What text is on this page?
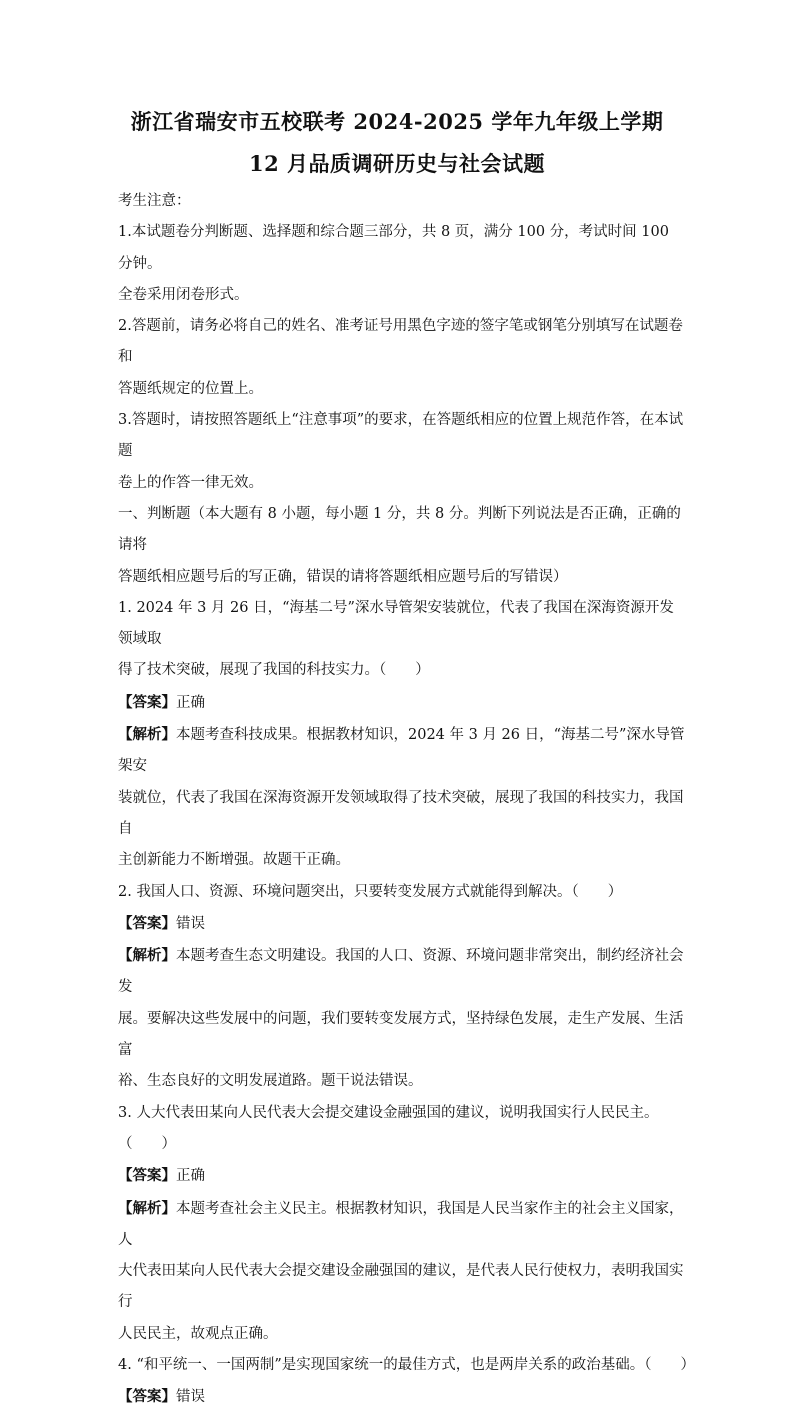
浙江省瑞安市五校联考 2024-2025 学年九年级上学期
12 月品质调研历史与社会试题

考生注意：

1.本试题卷分判断题、选择题和综合题三部分，共 8 页，满分 100 分，考试时间 100 分钟。

全卷采用闭卷形式。

2.答题前，请务必将自己的姓名、准考证号用黑色字迹的签字笔或钢笔分别填写在试题卷和

答题纸规定的位置上。

3.答题时，请按照答题纸上“注意事项”的要求，在答题纸相应的位置上规范作答，在本试题

卷上的作答一律无效。

一、判断题（本大题有 8 小题，每小题 1 分，共 8 分。判断下列说法是否正确，正确的请将

答题纸相应题号后的写正确，错误的请将答题纸相应题号后的写错误）

1. 2024 年 3 月 26 日，“海基二号”深水导管架安装就位，代表了我国在深海资源开发领域取

得了技术突破，展现了我国的科技实力。（　　）

【答案】正确

【解析】本题考查科技成果。根据教材知识，2024 年 3 月 26 日，“海基二号”深水导管架安

装就位，代表了我国在深海资源开发领域取得了技术突破，展现了我国的科技实力，我国自

主创新能力不断增强。故题干正确。

2. 我国人口、资源、环境问题突出，只要转变发展方式就能得到解决。（　　）

【答案】错误

【解析】本题考查生态文明建设。我国的人口、资源、环境问题非常突出，制约经济社会发

展。要解决这些发展中的问题，我们要转变发展方式，坚持绿色发展，走生产发展、生活富

裕、生态良好的文明发展道路。题干说法错误。

3. 人大代表田某向人民代表大会提交建设金融强国的建议，说明我国实行人民民主。（　　）

【答案】正确

【解析】本题考查社会主义民主。根据教材知识，我国是人民当家作主的社会主义国家，人

大代表田某向人民代表大会提交建设金融强国的建议，是代表人民行使权力，表明我国实行

人民民主，故观点正确。

4. “和平统一、一国两制”是实现国家统一的最佳方式，也是两岸关系的政治基础。（　　）

【答案】错误
